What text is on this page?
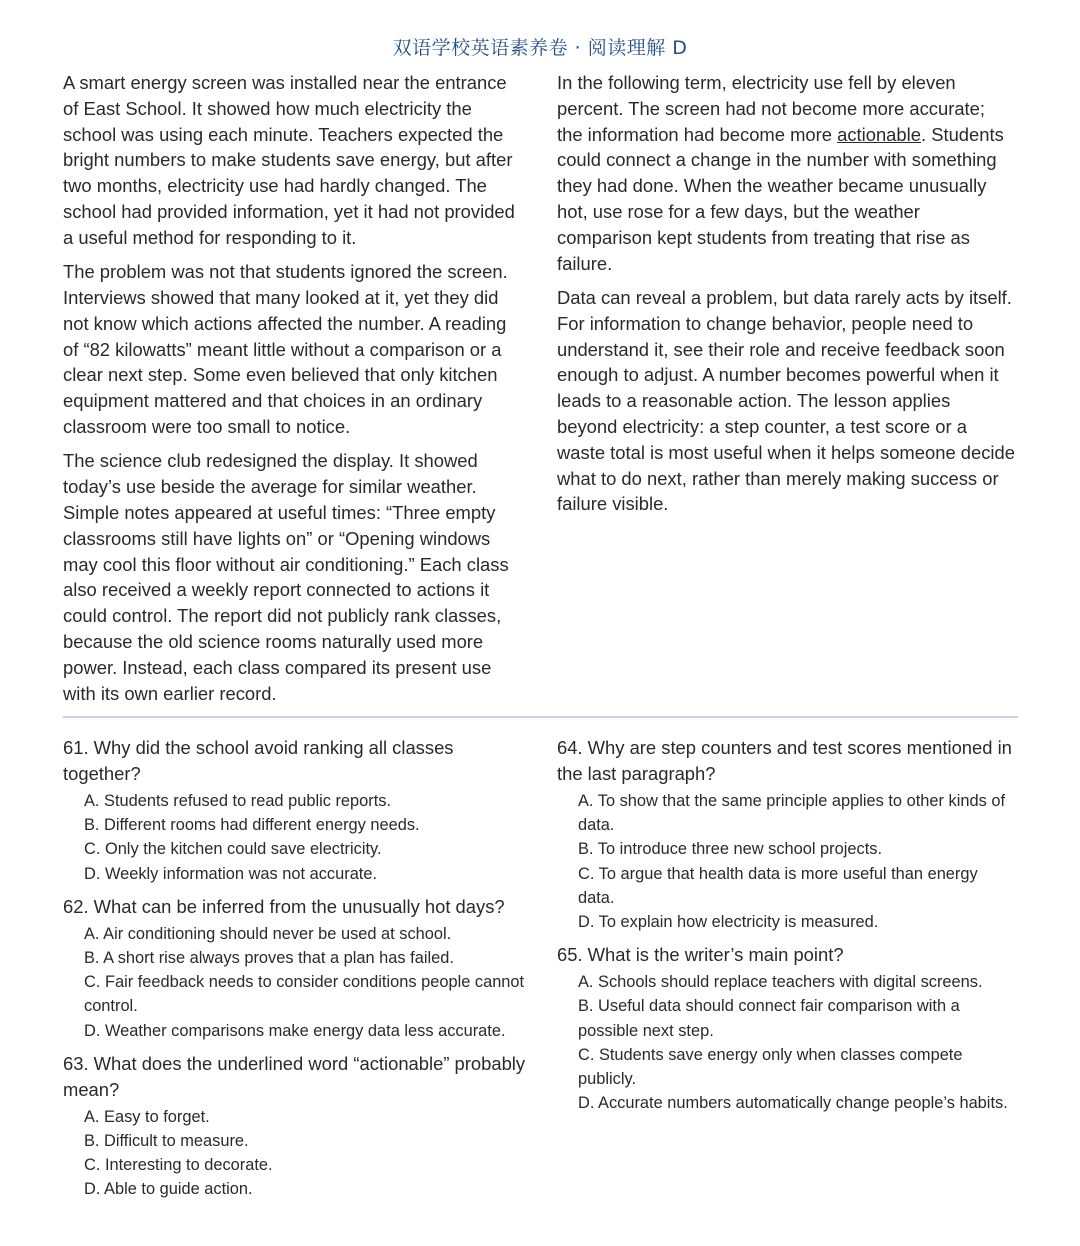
双语学校英语素养卷 · 阅读理解 D

A smart energy screen was installed near the entrance of East School. It showed how much electricity the school was using each minute. Teachers expected the bright numbers to make students save energy, but after two months, electricity use had hardly changed. The school had provided information, yet it had not provided a useful method for responding to it.

The problem was not that students ignored the screen. Interviews showed that many looked at it, yet they did not know which actions affected the number. A reading of “82 kilowatts” meant little without a comparison or a clear next step. Some even believed that only kitchen equipment mattered and that choices in an ordinary classroom were too small to notice.

The science club redesigned the display. It showed today’s use beside the average for similar weather. Simple notes appeared at useful times: “Three empty classrooms still have lights on” or “Opening windows may cool this floor without air conditioning.” Each class also received a weekly report connected to actions it could control. The report did not publicly rank classes, because the old science rooms naturally used more power. Instead, each class compared its present use with its own earlier record.

In the following term, electricity use fell by eleven percent. The screen had not become more accurate; the information had become more actionable. Students could connect a change in the number with something they had done. When the weather became unusually hot, use rose for a few days, but the weather comparison kept students from treating that rise as failure.

Data can reveal a problem, but data rarely acts by itself. For information to change behavior, people need to understand it, see their role and receive feedback soon enough to adjust. A number becomes powerful when it leads to a reasonable action. The lesson applies beyond electricity: a step counter, a test score or a waste total is most useful when it helps someone decide what to do next, rather than merely making success or failure visible.

61. Why did the school avoid ranking all classes together?
A. Students refused to read public reports.
B. Different rooms had different energy needs.
C. Only the kitchen could save electricity.
D. Weekly information was not accurate.
62. What can be inferred from the unusually hot days?
A. Air conditioning should never be used at school.
B. A short rise always proves that a plan has failed.
C. Fair feedback needs to consider conditions people cannot control.
D. Weather comparisons make energy data less accurate.
63. What does the underlined word “actionable” probably mean?
A. Easy to forget.
B. Difficult to measure.
C. Interesting to decorate.
D. Able to guide action.
64. Why are step counters and test scores mentioned in the last paragraph?
A. To show that the same principle applies to other kinds of data.
B. To introduce three new school projects.
C. To argue that health data is more useful than energy data.
D. To explain how electricity is measured.
65. What is the writer’s main point?
A. Schools should replace teachers with digital screens.
B. Useful data should connect fair comparison with a possible next step.
C. Students save energy only when classes compete publicly.
D. Accurate numbers automatically change people’s habits.
